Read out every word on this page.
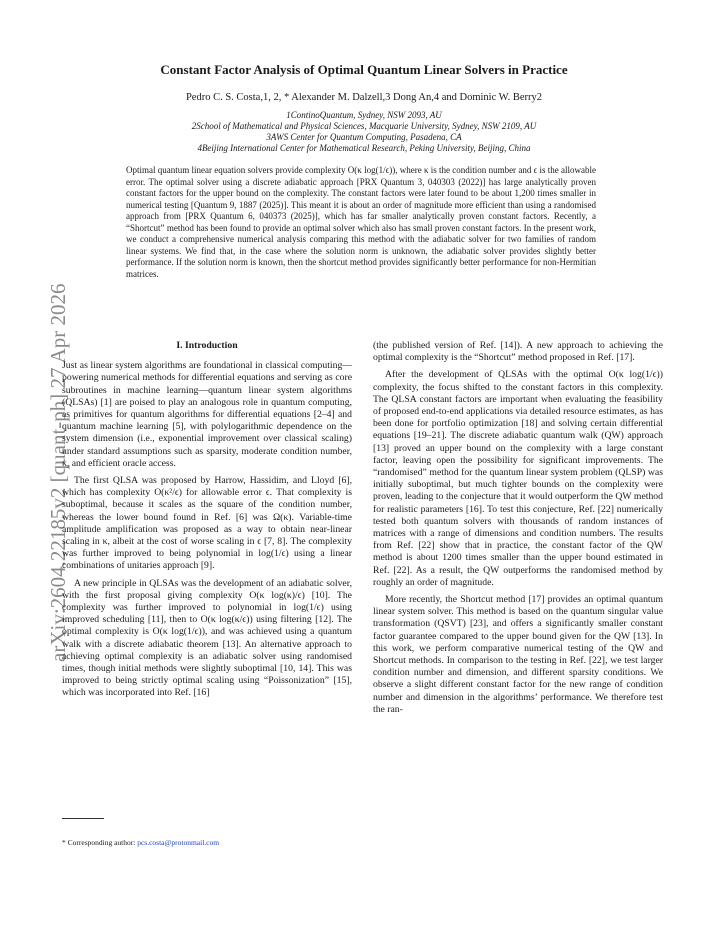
arXiv:2604.22185v2 [quant-ph] 27 Apr 2026
Constant Factor Analysis of Optimal Quantum Linear Solvers in Practice
Pedro C. S. Costa,1, 2, * Alexander M. Dalzell,3 Dong An,4 and Dominic W. Berry2
1ContinoQuantum, Sydney, NSW 2093, AU
2School of Mathematical and Physical Sciences, Macquarie University, Sydney, NSW 2109, AU
3AWS Center for Quantum Computing, Pasadena, CA
4Beijing International Center for Mathematical Research, Peking University, Beijing, China
Optimal quantum linear equation solvers provide complexity O(κ log(1/ϵ)), where κ is the condition number and ϵ is the allowable error. The optimal solver using a discrete adiabatic approach [PRX Quantum 3, 040303 (2022)] has large analytically proven constant factors for the upper bound on the complexity. The constant factors were later found to be about 1,200 times smaller in numerical testing [Quantum 9, 1887 (2025)]. This meant it is about an order of magnitude more efficient than using a randomised approach from [PRX Quantum 6, 040373 (2025)], which has far smaller analytically proven constant factors. Recently, a “Shortcut” method has been found to provide an optimal solver which also has small proven constant factors. In the present work, we conduct a comprehensive numerical analysis comparing this method with the adiabatic solver for two families of random linear systems. We find that, in the case where the solution norm is unknown, the adiabatic solver provides slightly better performance. If the solution norm is known, then the shortcut method provides significantly better performance for non-Hermitian matrices.
I. Introduction

Just as linear system algorithms are foundational in classical computing—powering numerical methods for differential equations and serving as core subroutines in machine learning—quantum linear system algorithms (QLSAs) [1] are poised to play an analogous role in quantum computing, as primitives for quantum algorithms for differential equations [2–4] and quantum machine learning [5], with polylogarithmic dependence on the system dimension (i.e., exponential improvement over classical scaling) under standard assumptions such as sparsity, moderate condition number, κ, and efficient oracle access.

The first QLSA was proposed by Harrow, Hassidim, and Lloyd [6], which has complexity O(κ²/ϵ) for allowable error ϵ. That complexity is suboptimal, because it scales as the square of the condition number, whereas the lower bound found in Ref. [6] was Ω(κ). Variable-time amplitude amplification was proposed as a way to obtain near-linear scaling in κ, albeit at the cost of worse scaling in ϵ [7, 8]. The complexity was further improved to being polynomial in log(1/ϵ) using a linear combinations of unitaries approach [9].

A new principle in QLSAs was the development of an adiabatic solver, with the first proposal giving complexity O(κ log(κ)/ϵ) [10]. The complexity was further improved to polynomial in log(1/ϵ) using improved scheduling [11], then to O(κ log(κ/ϵ)) using filtering [12]. The optimal complexity is O(κ log(1/ϵ)), and was achieved using a quantum walk with a discrete adiabatic theorem [13]. An alternative approach to achieving optimal complexity is an adiabatic solver using randomised times, though initial methods were slightly suboptimal [10, 14]. This was improved to being strictly optimal scaling using “Poissonization” [15], which was incorporated into Ref. [16]

(the published version of Ref. [14]). A new approach to achieving the optimal complexity is the “Shortcut” method proposed in Ref. [17].

After the development of QLSAs with the optimal O(κ log(1/ϵ)) complexity, the focus shifted to the constant factors in this complexity. The QLSA constant factors are important when evaluating the feasibility of proposed end-to-end applications via detailed resource estimates, as has been done for portfolio optimization [18] and solving certain differential equations [19–21]. The discrete adiabatic quantum walk (QW) approach [13] proved an upper bound on the complexity with a large constant factor, leaving open the possibility for significant improvements. The “randomised” method for the quantum linear system problem (QLSP) was initially suboptimal, but much tighter bounds on the complexity were proven, leading to the conjecture that it would outperform the QW method for realistic parameters [16]. To test this conjecture, Ref. [22] numerically tested both quantum solvers with thousands of random instances of matrices with a range of dimensions and condition numbers. The results from Ref. [22] show that in practice, the constant factor of the QW method is about 1200 times smaller than the upper bound estimated in Ref. [22]. As a result, the QW outperforms the randomised method by roughly an order of magnitude.

More recently, the Shortcut method [17] provides an optimal quantum linear system solver. This method is based on the quantum singular value transformation (QSVT) [23], and offers a significantly smaller constant factor guarantee compared to the upper bound given for the QW [13]. In this work, we perform comparative numerical testing of the QW and Shortcut methods. In comparison to the testing in Ref. [22], we test larger condition number and dimension, and different sparsity conditions. We observe a slight different constant factor for the new range of condition number and dimension in the algorithms’ performance. We therefore test the ran-

* Corresponding author: pcs.costa@protonmail.com
